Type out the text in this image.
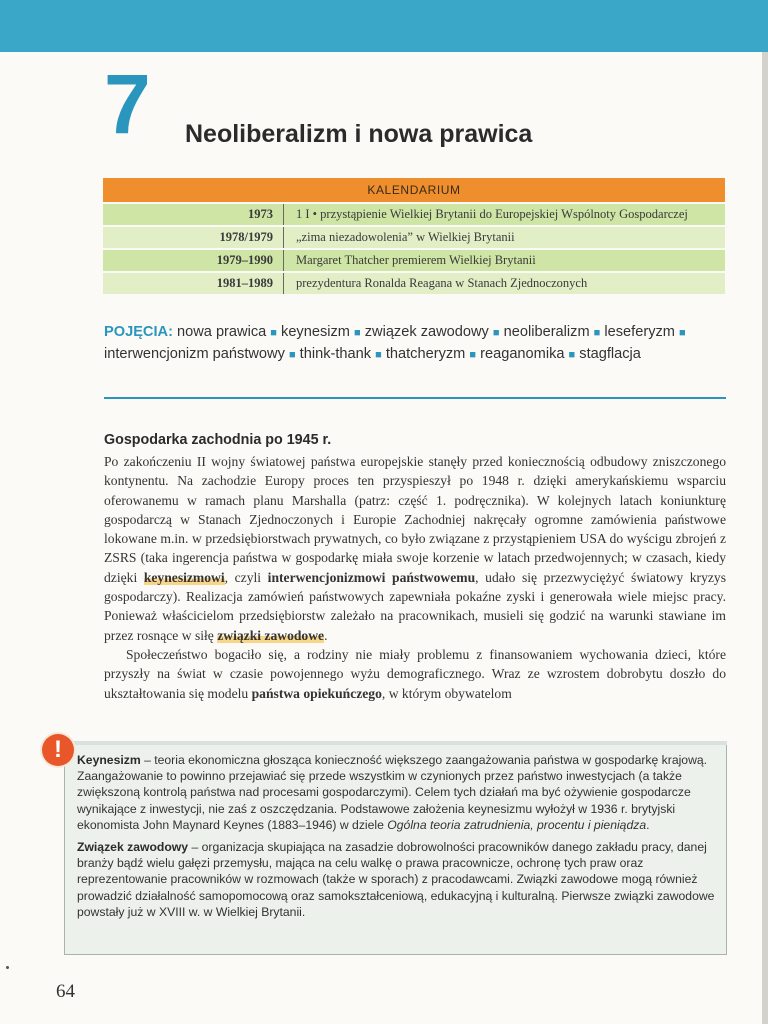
7 Neoliberalizm i nowa prawica
KALENDARIUM
1973	1 I • przystąpienie Wielkiej Brytanii do Europejskiej Wspólnoty Gospodarczej
1978/1979	„zima niezadowolenia” w Wielkiej Brytanii
1979–1990	Margaret Thatcher premierem Wielkiej Brytanii
1981–1989	prezydentura Ronalda Reagana w Stanach Zjednoczonych
POJĘCIA: nowa prawica ■ keynesizm ■ związek zawodowy ■ neoliberalizm ■ leseferyzm ■ interwencjonizm państwowy ■ think-thank ■ thatcheryzm ■ reaganomika ■ stagflacja
Gospodarka zachodnia po 1945 r.

Po zakończeniu II wojny światowej państwa europejskie stanęły przed koniecznością odbudowy zniszczonego kontynentu. Na zachodzie Europy proces ten przyspieszył po 1948 r. dzięki amerykańskiemu wsparciu oferowanemu w ramach planu Marshalla (patrz: część 1. podręcznika). W kolejnych latach koniunkturę gospodarczą w Stanach Zjednoczonych i Europie Zachodniej nakręcały ogromne zamówienia państwowe lokowane m.in. w przedsiębiorstwach prywatnych, co było związane z przystąpieniem USA do wyścigu zbrojeń z ZSRS (taka ingerencja państwa w gospodarkę miała swoje korzenie w latach przedwojennych; w czasach, kiedy dzięki keynesizmowi, czyli interwencjonizmowi państwowemu, udało się przezwyciężyć światowy kryzys gospodarczy). Realizacja zamówień państwowych zapewniała pokaźne zyski i generowała wiele miejsc pracy. Ponieważ właścicielom przedsiębiorstw zależało na pracownikach, musieli się godzić na warunki stawiane im przez rosnące w siłę związki zawodowe.

Społeczeństwo bogaciło się, a rodziny nie miały problemu z finansowaniem wychowania dzieci, które przyszły na świat w czasie powojennego wyżu demograficznego. Wraz ze wzrostem dobrobytu doszło do ukształtowania się modelu państwa opiekuńczego, w którym obywatelom

Keynesizm – teoria ekonomiczna głosząca konieczność większego zaangażowania państwa w gospodarkę krajową. Zaangażowanie to powinno przejawiać się przede wszystkim w czynionych przez państwo inwestycjach (a także zwiększoną kontrolą państwa nad procesami gospodarczymi). Celem tych działań ma być ożywienie gospodarcze wynikające z inwestycji, nie zaś z oszczędzania. Podstawowe założenia keynesizmu wyłożył w 1936 r. brytyjski ekonomista John Maynard Keynes (1883–1946) w dziele Ogólna teoria zatrudnienia, procentu i pieniądza.

Związek zawodowy – organizacja skupiająca na zasadzie dobrowolności pracowników danego zakładu pracy, danej branży bądź wielu gałęzi przemysłu, mająca na celu walkę o prawa pracownicze, ochronę tych praw oraz reprezentowanie pracowników w rozmowach (także w sporach) z pracodawcami. Związki zawodowe mogą również prowadzić działalność samopomocową oraz samokształceniową, edukacyjną i kulturalną. Pierwsze związki zawodowe powstały już w XVIII w. w Wielkiej Brytanii.

!
64
